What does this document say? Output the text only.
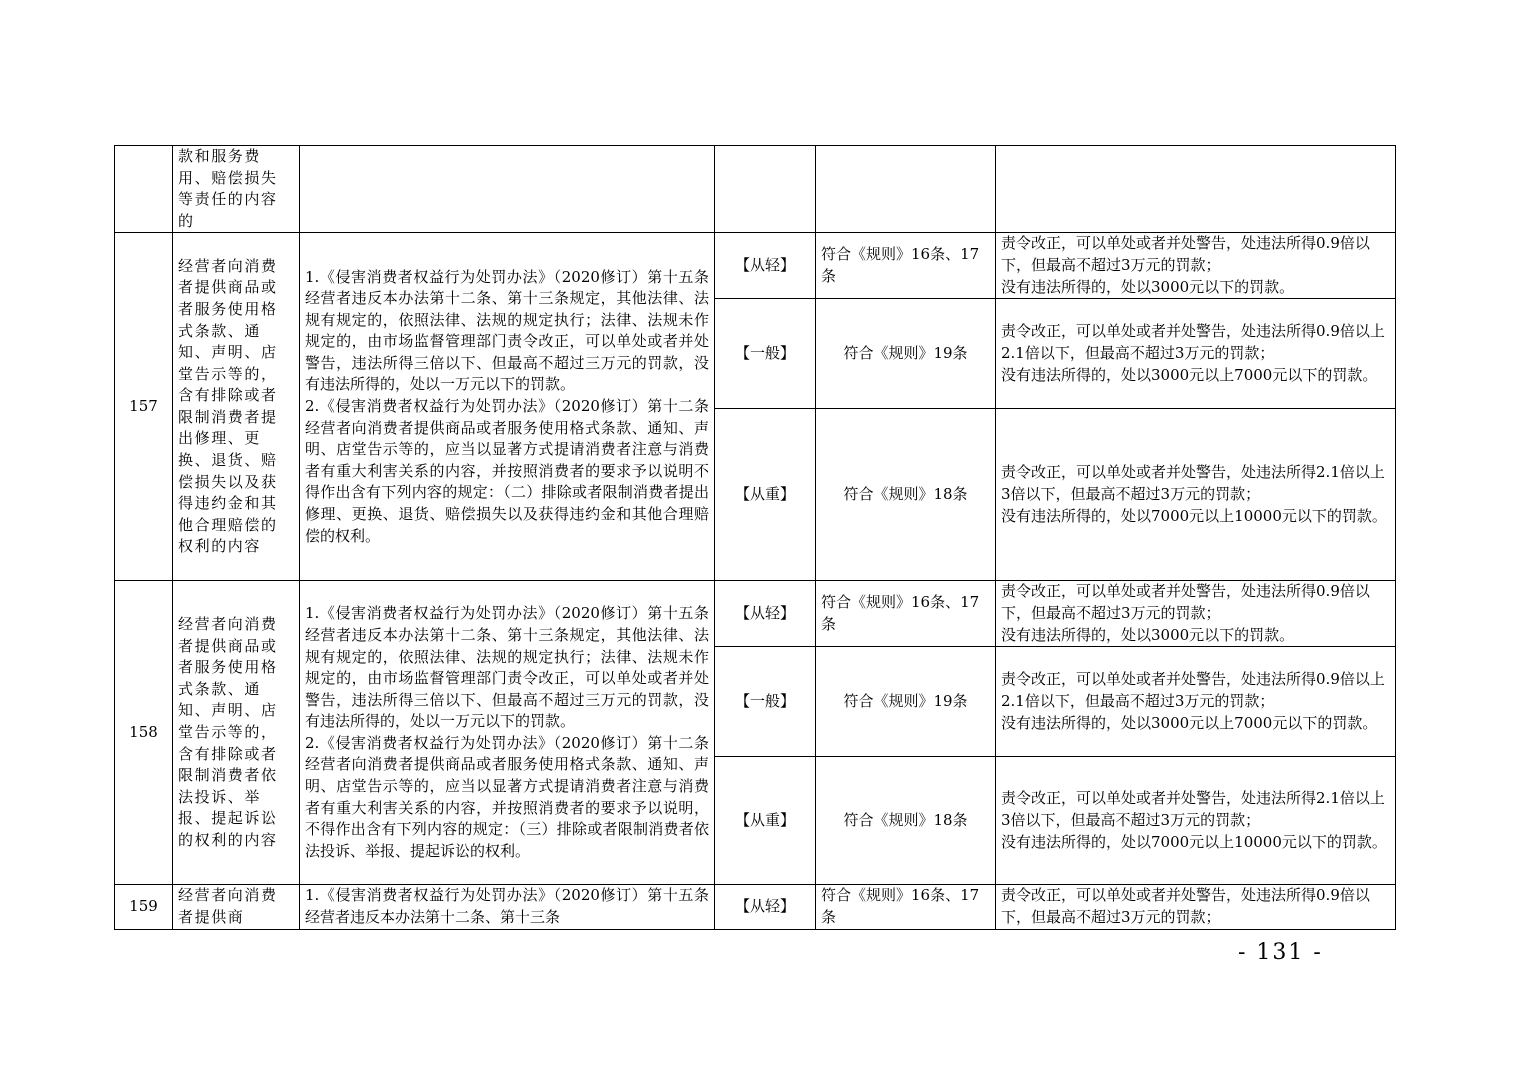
	款和服务费用、赔偿损失等责任的内容的				
157	经营者向消费者提供商品或者服务使用格式条款、通知、声明、店堂告示等的，含有排除或者限制消费者提出修理、更换、退货、赔偿损失以及获得违约金和其他合理赔偿的权利的内容	1.《侵害消费者权益行为处罚办法》（2020修订）第十五条 经营者违反本办法第十二条、第十三条规定，其他法律、法规有规定的，依照法律、法规的规定执行；法律、法规未作规定的，由市场监督管理部门责令改正，可以单处或者并处警告，违法所得三倍以下、但最高不超过三万元的罚款，没有违法所得的，处以一万元以下的罚款。
2.《侵害消费者权益行为处罚办法》（2020修订）第十二条 经营者向消费者提供商品或者服务使用格式条款、通知、声明、店堂告示等的，应当以显著方式提请消费者注意与消费者有重大利害关系的内容，并按照消费者的要求予以说明不得作出含有下列内容的规定：（二）排除或者限制消费者提出修理、更换、退货、赔偿损失以及获得违约金和其他合理赔偿的权利。	【从轻】	符合《规则》16条、17条	责令改正，可以单处或者并处警告，处违法所得0.9倍以下，但最高不超过3万元的罚款；
没有违法所得的，处以3000元以下的罚款。
			【一般】	符合《规则》19条	责令改正，可以单处或者并处警告，处违法所得0.9倍以上2.1倍以下，但最高不超过3万元的罚款；
没有违法所得的，处以3000元以上7000元以下的罚款。
			【从重】	符合《规则》18条	责令改正，可以单处或者并处警告，处违法所得2.1倍以上3倍以下，但最高不超过3万元的罚款；
没有违法所得的，处以7000元以上10000元以下的罚款。
158	经营者向消费者提供商品或者服务使用格式条款、通知、声明、店堂告示等的，含有排除或者限制消费者依法投诉、举报、提起诉讼的权利的内容	1.《侵害消费者权益行为处罚办法》（2020修订）第十五条 经营者违反本办法第十二条、第十三条规定，其他法律、法规有规定的，依照法律、法规的规定执行；法律、法规未作规定的，由市场监督管理部门责令改正，可以单处或者并处警告，违法所得三倍以下、但最高不超过三万元的罚款，没有违法所得的，处以一万元以下的罚款。
2.《侵害消费者权益行为处罚办法》（2020修订）第十二条 经营者向消费者提供商品或者服务使用格式条款、通知、声明、店堂告示等的，应当以显著方式提请消费者注意与消费者有重大利害关系的内容，并按照消费者的要求予以说明，不得作出含有下列内容的规定：（三）排除或者限制消费者依法投诉、举报、提起诉讼的权利。	【从轻】	符合《规则》16条、17条	责令改正，可以单处或者并处警告，处违法所得0.9倍以下，但最高不超过3万元的罚款；
没有违法所得的，处以3000元以下的罚款。
			【一般】	符合《规则》19条	责令改正，可以单处或者并处警告，处违法所得0.9倍以上2.1倍以下，但最高不超过3万元的罚款；
没有违法所得的，处以3000元以上7000元以下的罚款。
			【从重】	符合《规则》18条	责令改正，可以单处或者并处警告，处违法所得2.1倍以上3倍以下，但最高不超过3万元的罚款；
没有违法所得的，处以7000元以上10000元以下的罚款。
159	经营者向消费者提供商	1.《侵害消费者权益行为处罚办法》（2020修订）第十五条 经营者违反本办法第十二条、第十三条	【从轻】	符合《规则》16条、17条	责令改正，可以单处或者并处警告，处违法所得0.9倍以下，但最高不超过3万元的罚款；
- 131 -
